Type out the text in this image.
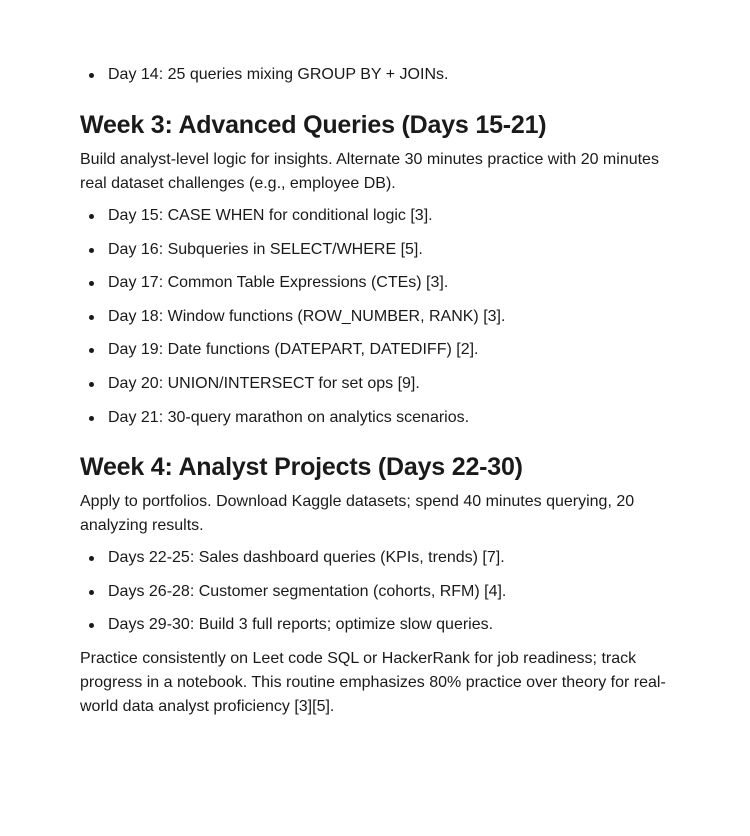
Day 14: 25 queries mixing GROUP BY + JOINs.
Week 3: Advanced Queries (Days 15-21)

Build analyst-level logic for insights. Alternate 30 minutes practice with 20 minutes real dataset challenges (e.g., employee DB).

Day 15: CASE WHEN for conditional logic [3].
Day 16: Subqueries in SELECT/WHERE [5].
Day 17: Common Table Expressions (CTEs) [3].
Day 18: Window functions (ROW_NUMBER, RANK) [3].
Day 19: Date functions (DATEPART, DATEDIFF) [2].
Day 20: UNION/INTERSECT for set ops [9].
Day 21: 30-query marathon on analytics scenarios.
Week 4: Analyst Projects (Days 22-30)

Apply to portfolios. Download Kaggle datasets; spend 40 minutes querying, 20 analyzing results.

Days 22-25: Sales dashboard queries (KPIs, trends) [7].
Days 26-28: Customer segmentation (cohorts, RFM) [4].
Days 29-30: Build 3 full reports; optimize slow queries.

Practice consistently on Leet code SQL or HackerRank for job readiness; track progress in a notebook. This routine emphasizes 80% practice over theory for real-world data analyst proficiency [3][5].
